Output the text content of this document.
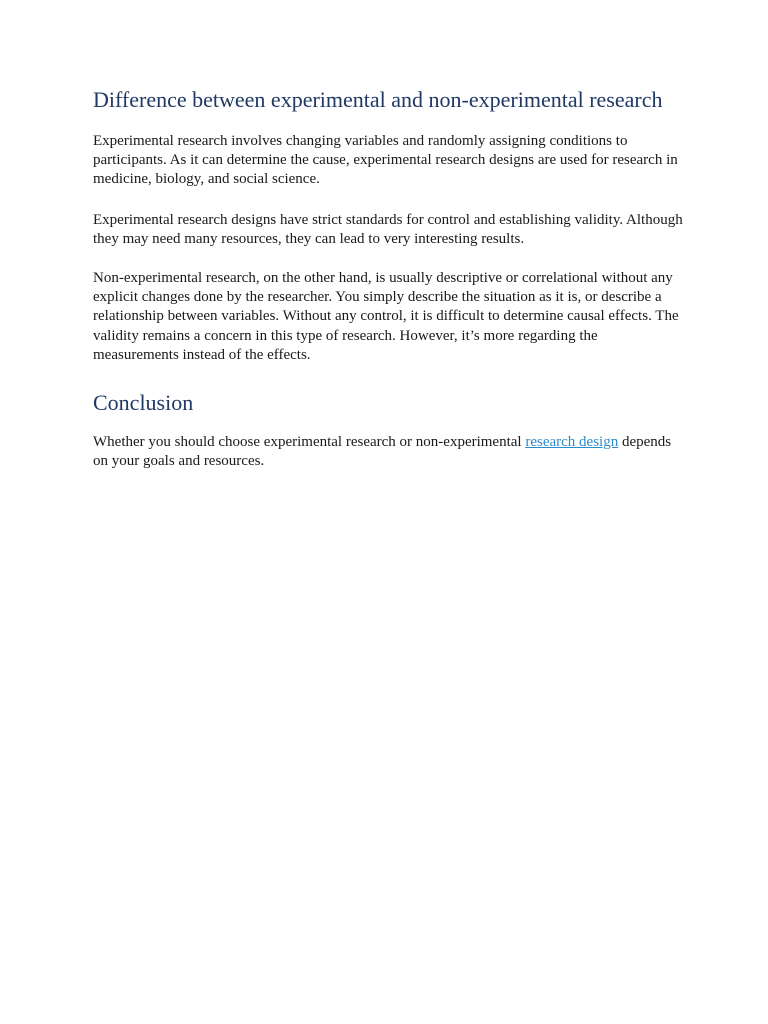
Difference between experimental and non-experimental research

Experimental research involves changing variables and randomly assigning conditions to participants. As it can determine the cause, experimental research designs are used for research in medicine, biology, and social science.

Experimental research designs have strict standards for control and establishing validity. Although they may need many resources, they can lead to very interesting results.

Non-experimental research, on the other hand, is usually descriptive or correlational without any explicit changes done by the researcher. You simply describe the situation as it is, or describe a relationship between variables. Without any control, it is difficult to determine causal effects. The validity remains a concern in this type of research. However, it’s more regarding the measurements instead of the effects.

Conclusion

Whether you should choose experimental research or non-experimental research design depends on your goals and resources.
